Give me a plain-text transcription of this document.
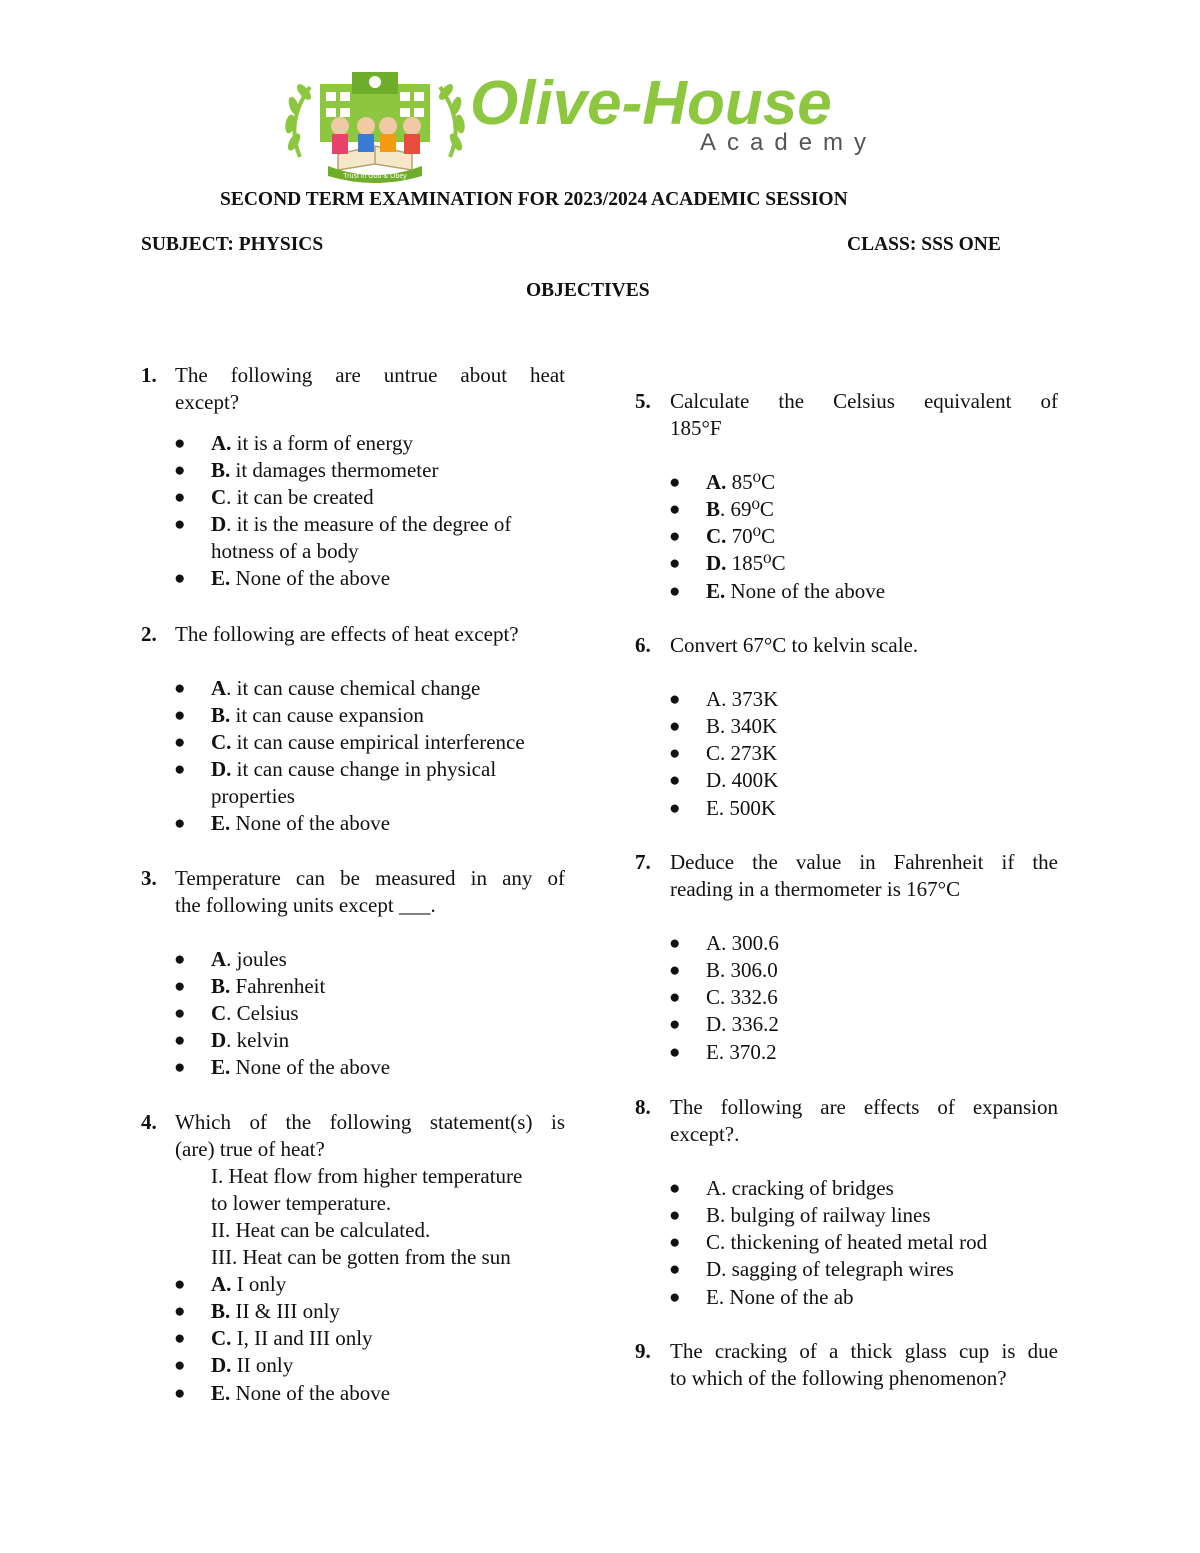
Trust in God & Obey
Olive-House
Academy
SECOND TERM EXAMINATION FOR 2023/2024 ACADEMIC SESSION
SUBJECT: PHYSICS	CLASS: SSS ONE
OBJECTIVES
1. The following are untrue about heat
except?
● A. it is a form of energy
● B. it damages thermometer
● C. it can be created
● D. it is the measure of the degree of
hotness of a body
● E. None of the above
2. The following are effects of heat except?
● A. it can cause chemical change
● B. it can cause expansion
● C. it can cause empirical interference
● D. it can cause change in physical
properties
● E. None of the above
3. Temperature can be measured in any of
the following units except ___.
● A. joules
● B. Fahrenheit
● C. Celsius
● D. kelvin
● E. None of the above
4. Which of the following statement(s) is
(are) true of heat?
I. Heat flow from higher temperature
to lower temperature.
II. Heat can be calculated.
III. Heat can be gotten from the sun
● A. I only
● B. II & III only
● C. I, II and III only
● D. II only
● E. None of the above
5. Calculate the Celsius equivalent of
185°F
● A. 85⁰C
● B. 69⁰C
● C. 70⁰C
● D. 185⁰C
● E. None of the above
6. Convert 67°C to kelvin scale.
● A. 373K
● B. 340K
● C. 273K
● D. 400K
● E. 500K
7. Deduce the value in Fahrenheit if the
reading in a thermometer is 167°C
● A. 300.6
● B. 306.0
● C. 332.6
● D. 336.2
● E. 370.2
8. The following are effects of expansion
except?.
● A. cracking of bridges
● B. bulging of railway lines
● C. thickening of heated metal rod
● D. sagging of telegraph wires
● E. None of the ab
9. The cracking of a thick glass cup is due
to which of the following phenomenon?
